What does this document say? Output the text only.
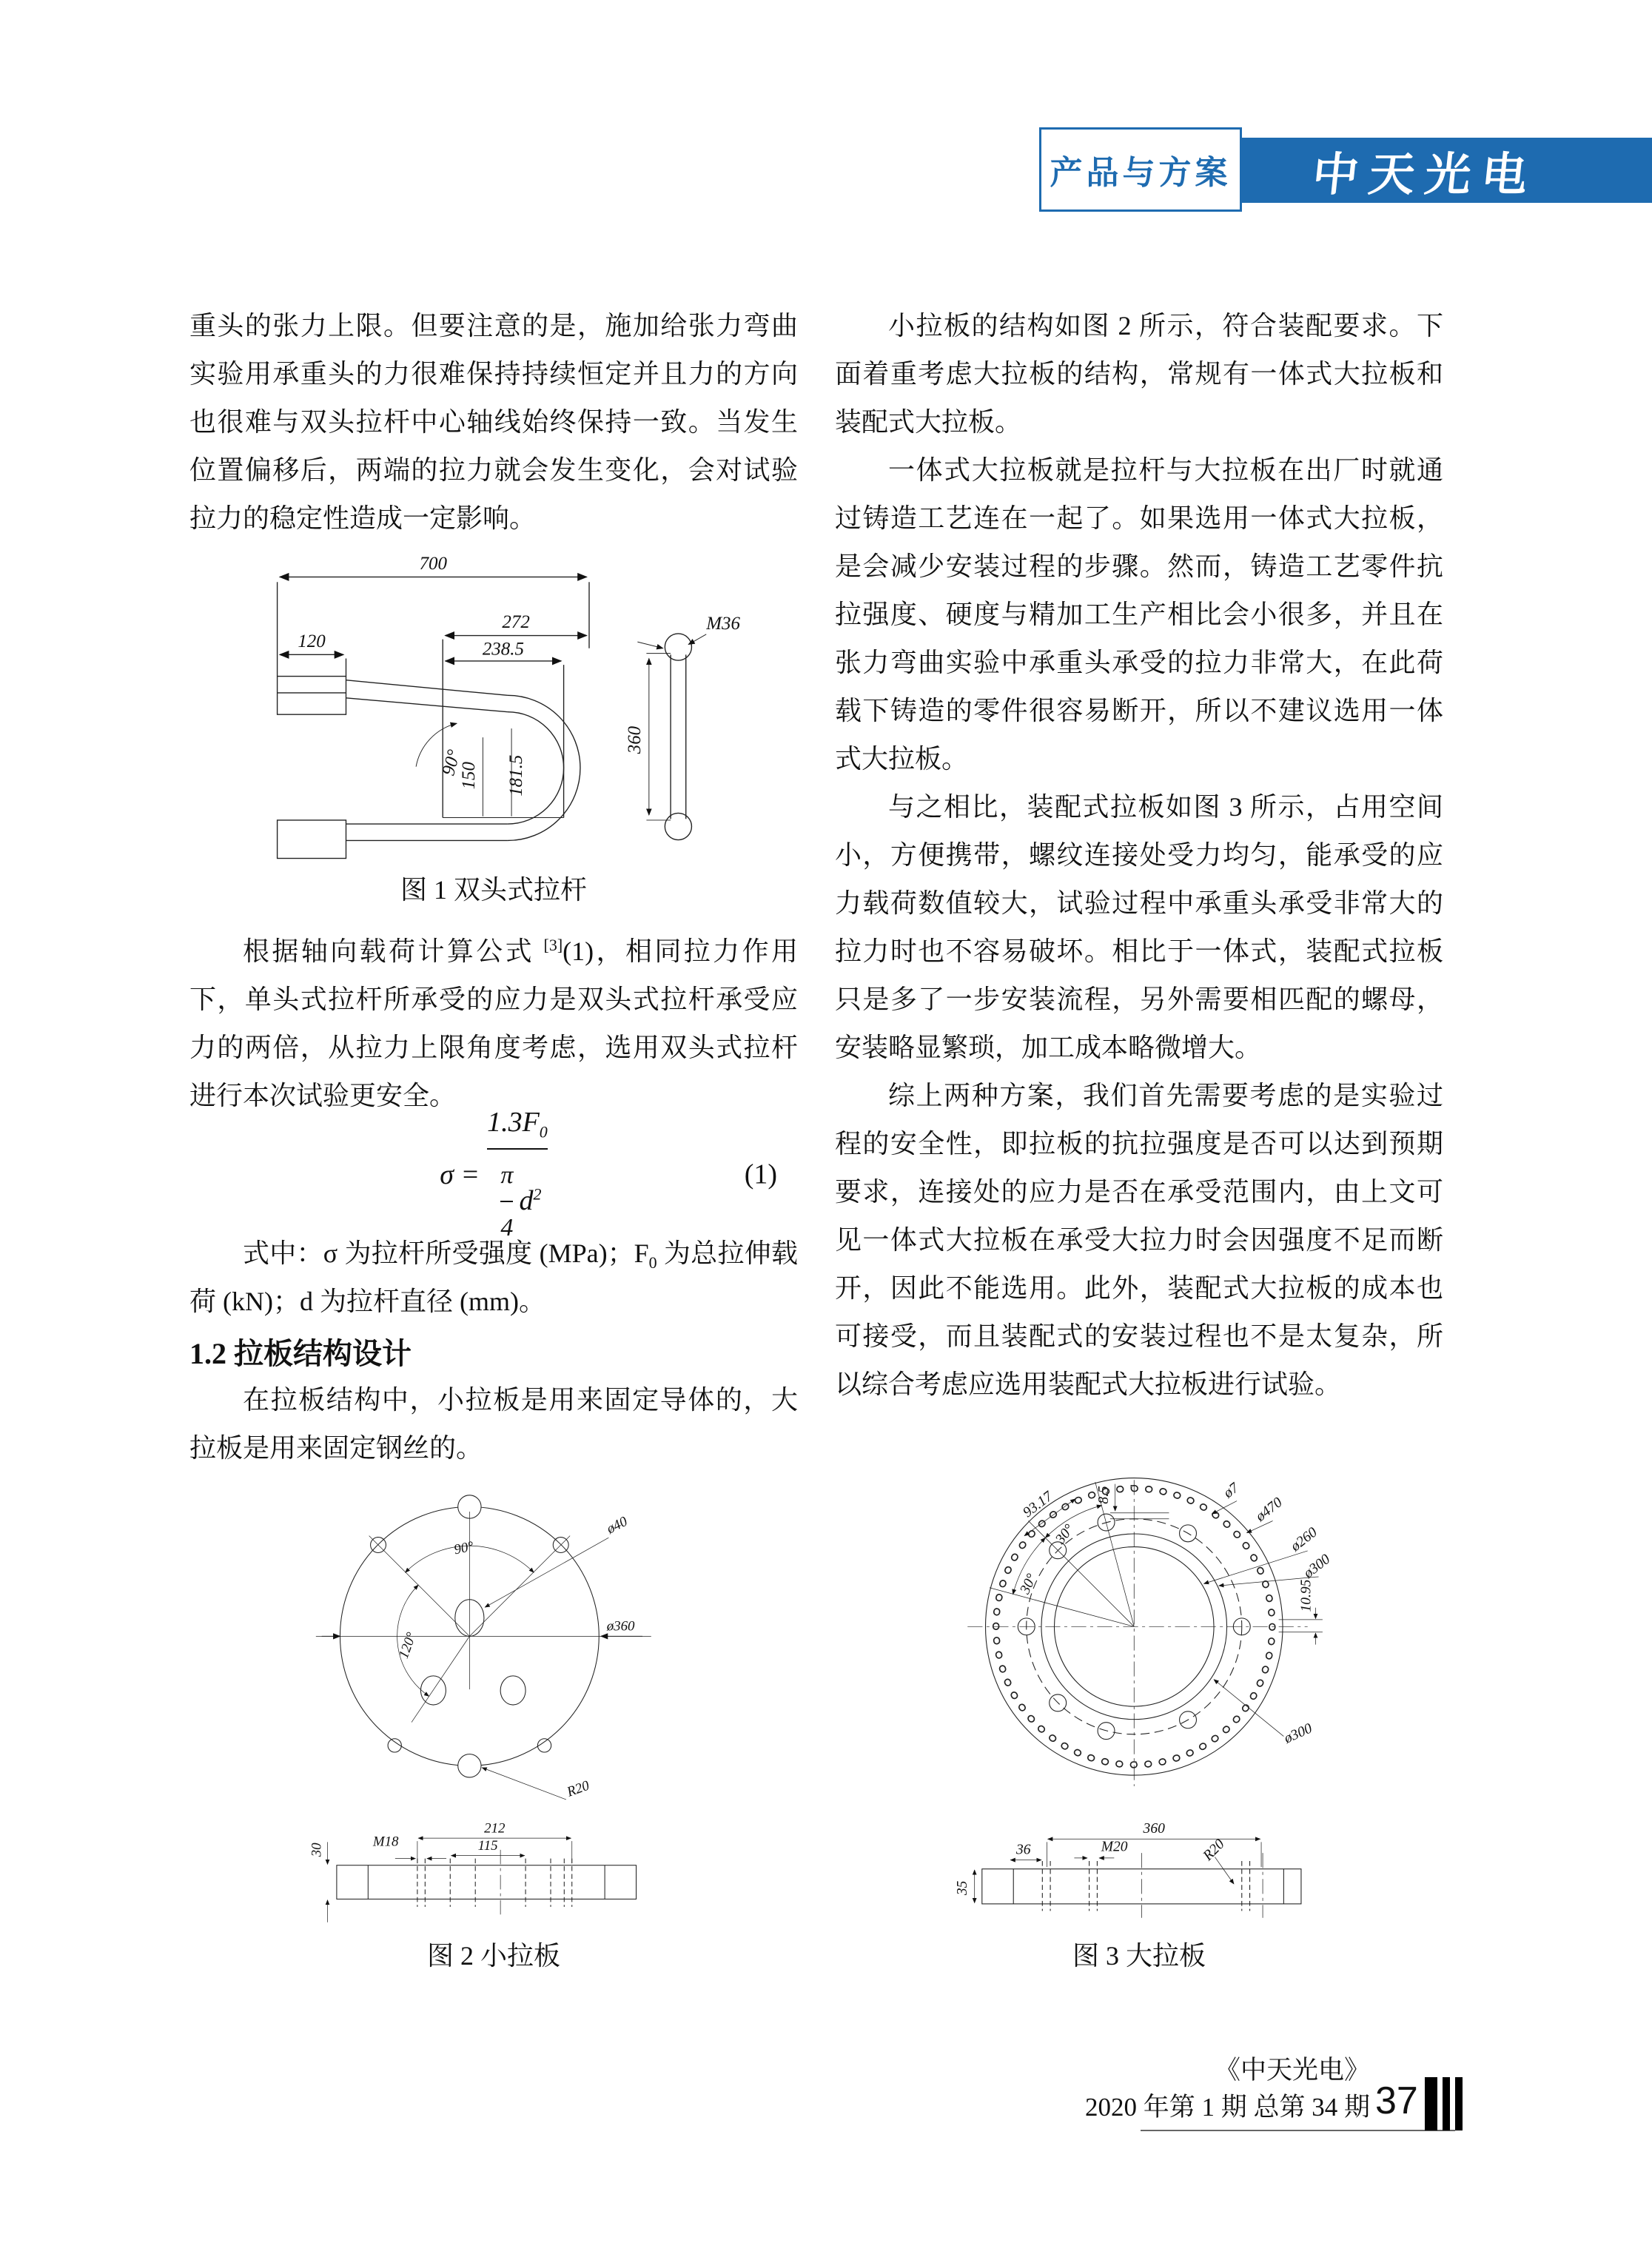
产品与方案 中天光电

重头的张力上限。但要注意的是，施加给张力弯曲实验用承重头的力很难保持持续恒定并且力的方向也很难与双头拉杆中心轴线始终保持一致。当发生位置偏移后，两端的拉力就会发生变化，会对试验拉力的稳定性造成一定影响。

700
120
272
238.5
90°
150 181.5
360
M36
图 1 双头式拉杆

根据轴向载荷计算公式 [3](1)，相同拉力作用下，单头式拉杆所承受的应力是双头式拉杆承受应力的两倍，从拉力上限角度考虑，选用双头式拉杆进行本次试验更安全。

$\sigma = \frac{1.3F_0}{\frac{\pi}{4} d^2}$	(1)

式中：σ 为拉杆所受强度 (MPa)；$F_0$ 为总拉伸载荷 (kN)；d 为拉杆直径 (mm)。

1.2 拉板结构设计

在拉板结构中，小拉板是用来固定导体的，大拉板是用来固定钢丝的。

90°
ø40
120°
ø360
R20
212
115
M18
30
图 2 小拉板

小拉板的结构如图 2 所示，符合装配要求。下面着重考虑大拉板的结构，常规有一体式大拉板和装配式大拉板。

一体式大拉板就是拉杆与大拉板在出厂时就通过铸造工艺连在一起了。如果选用一体式大拉板，是会减少安装过程的步骤。然而，铸造工艺零件抗拉强度、硬度与精加工生产相比会小很多，并且在张力弯曲实验中承重头承受的拉力非常大，在此荷载下铸造的零件很容易断开，所以不建议选用一体式大拉板。

与之相比，装配式拉板如图 3 所示，占用空间小，方便携带，螺纹连接处受力均匀，能承受的应力载荷数值较大，试验过程中承重头承受非常大的拉力时也不容易破坏。相比于一体式，装配式拉板只是多了一步安装流程，另外需要相匹配的螺母，安装略显繁琐，加工成本略微增大。

综上两种方案，我们首先需要考虑的是实验过程的安全性，即拉板的抗拉强度是否可以达到预期要求，连接处的应力是否在承受范围内，由上文可见一体式大拉板在承受大拉力时会因强度不足而断开，因此不能选用。此外，装配式大拉板的成本也可接受，而且装配式的安装过程也不是太复杂，所以综合考虑应选用装配式大拉板进行试验。

8.5
93.17
30°
30°
ø7
ø470
ø260
ø300
10.95
ø300
360
36	M20	R20
35
图 3 大拉板
《中天光电》
2020 年第 1 期 总第 34 期 37
